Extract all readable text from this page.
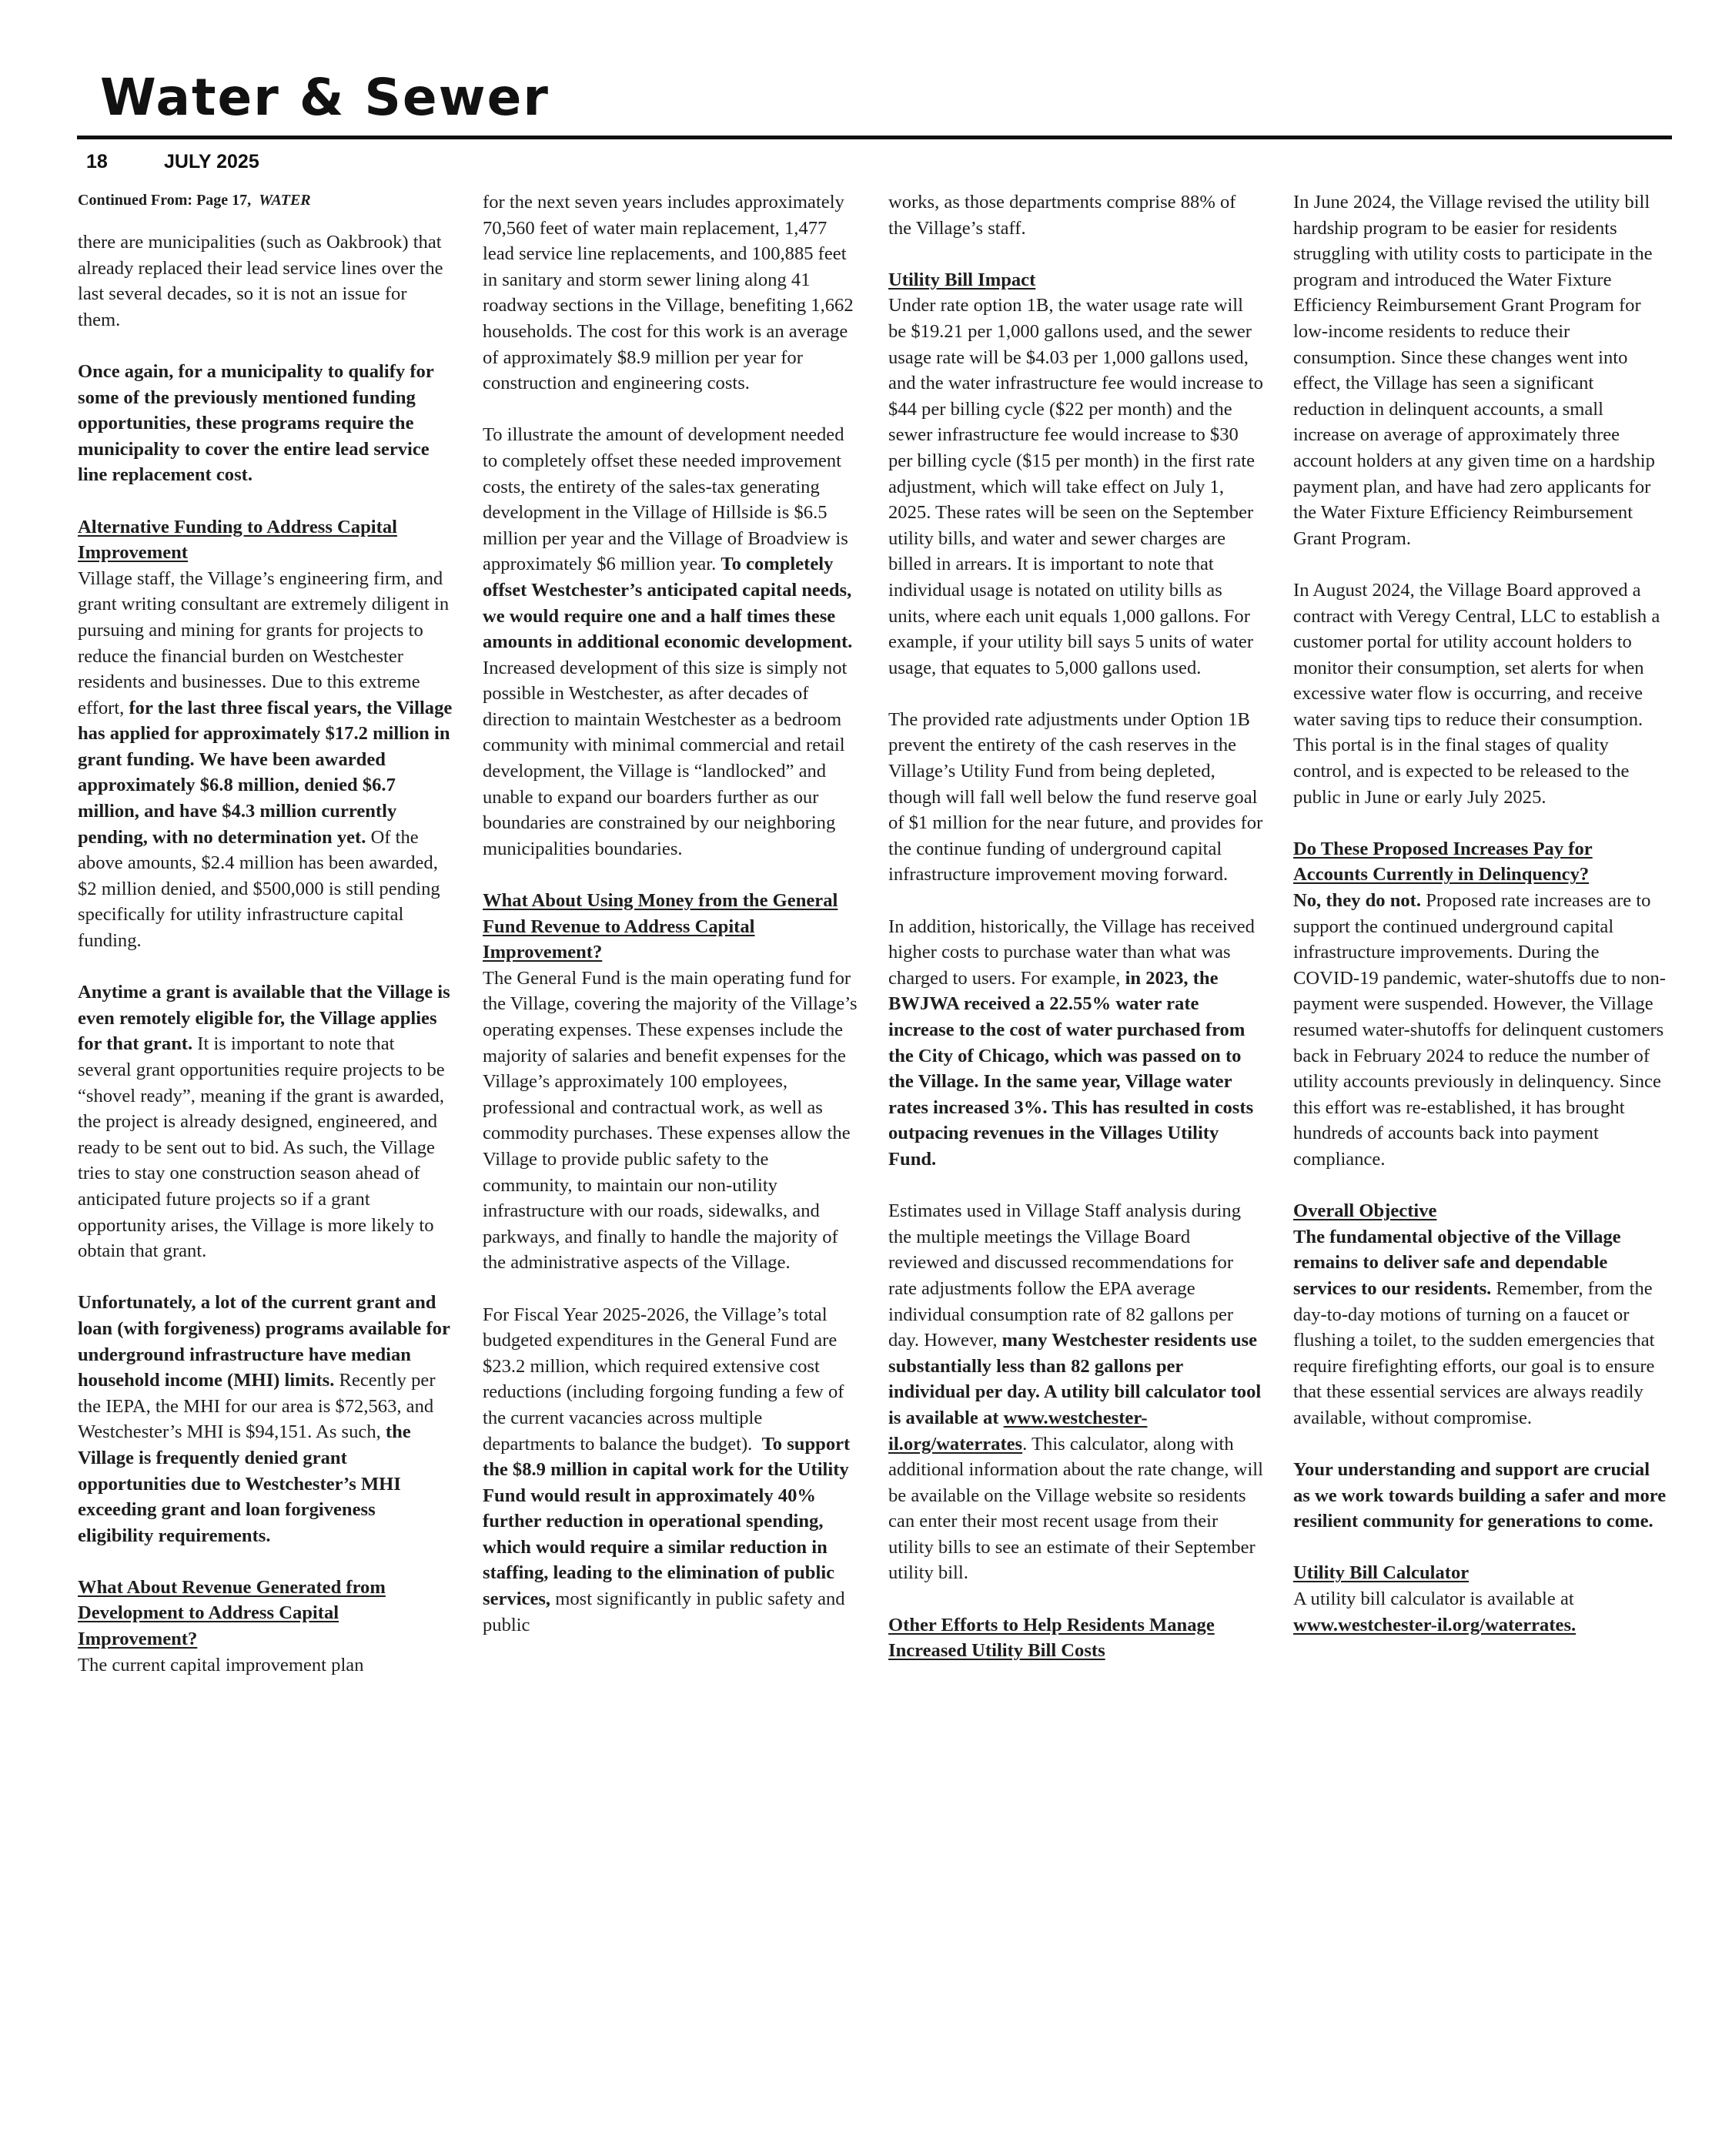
Water & Sewer
18	JULY 2025

Continued From: Page 17, WATER

there are municipalities (such as Oakbrook) that already replaced their lead service lines over the last several decades, so it is not an issue for them.

Once again, for a municipality to qualify for some of the previously mentioned funding opportunities, these programs require the municipality to cover the entire lead service line replacement cost.

Alternative Funding to Address Capital Improvement
Village staff, the Village’s engineering firm, and grant writing consultant are extremely diligent in pursuing and mining for grants for projects to reduce the financial burden on Westchester residents and businesses. Due to this extreme effort, for the last three fiscal years, the Village has applied for approximately $17.2 million in grant funding. We have been awarded approximately $6.8 million, denied $6.7 million, and have $4.3 million currently pending, with no determination yet. Of the above amounts, $2.4 million has been awarded, $2 million denied, and $500,000 is still pending specifically for utility infrastructure capital funding.

Anytime a grant is available that the Village is even remotely eligible for, the Village applies for that grant. It is important to note that several grant opportunities require projects to be “shovel ready”, meaning if the grant is awarded, the project is already designed, engineered, and ready to be sent out to bid. As such, the Village tries to stay one construction season ahead of anticipated future projects so if a grant opportunity arises, the Village is more likely to obtain that grant.

Unfortunately, a lot of the current grant and loan (with forgiveness) programs available for underground infrastructure have median household income (MHI) limits. Recently per the IEPA, the MHI for our area is $72,563, and Westchester’s MHI is $94,151. As such, the Village is frequently denied grant opportunities due to Westchester’s MHI exceeding grant and loan forgiveness eligibility requirements.

What About Revenue Generated from Development to Address Capital Improvement?
The current capital improvement plan

for the next seven years includes approximately 70,560 feet of water main replacement, 1,477 lead service line replacements, and 100,885 feet in sanitary and storm sewer lining along 41 roadway sections in the Village, benefiting 1,662 households. The cost for this work is an average of approximately $8.9 million per year for construction and engineering costs.

To illustrate the amount of development needed to completely offset these needed improvement costs, the entirety of the sales-tax generating development in the Village of Hillside is $6.5 million per year and the Village of Broadview is approximately $6 million year. To completely offset Westchester’s anticipated capital needs, we would require one and a half times these amounts in additional economic development. Increased development of this size is simply not possible in Westchester, as after decades of direction to maintain Westchester as a bedroom community with minimal commercial and retail development, the Village is “landlocked” and unable to expand our boarders further as our boundaries are constrained by our neighboring municipalities boundaries.

What About Using Money from the General Fund Revenue to Address Capital Improvement?
The General Fund is the main operating fund for the Village, covering the majority of the Village’s operating expenses. These expenses include the majority of salaries and benefit expenses for the Village’s approximately 100 employees, professional and contractual work, as well as commodity purchases. These expenses allow the Village to provide public safety to the community, to maintain our non-utility infrastructure with our roads, sidewalks, and parkways, and finally to handle the majority of the administrative aspects of the Village.

For Fiscal Year 2025-2026, the Village’s total budgeted expenditures in the General Fund are $23.2 million, which required extensive cost reductions (including forgoing funding a few of the current vacancies across multiple departments to balance the budget). To support the $8.9 million in capital work for the Utility Fund would result in approximately 40% further reduction in operational spending, which would require a similar reduction in staffing, leading to the elimination of public services, most significantly in public safety and public

works, as those departments comprise 88% of the Village’s staff.

Utility Bill Impact
Under rate option 1B, the water usage rate will be $19.21 per 1,000 gallons used, and the sewer usage rate will be $4.03 per 1,000 gallons used, and the water infrastructure fee would increase to $44 per billing cycle ($22 per month) and the sewer infrastructure fee would increase to $30 per billing cycle ($15 per month) in the first rate adjustment, which will take effect on July 1, 2025. These rates will be seen on the September utility bills, and water and sewer charges are billed in arrears. It is important to note that individual usage is notated on utility bills as units, where each unit equals 1,000 gallons. For example, if your utility bill says 5 units of water usage, that equates to 5,000 gallons used.

The provided rate adjustments under Option 1B prevent the entirety of the cash reserves in the Village’s Utility Fund from being depleted, though will fall well below the fund reserve goal of $1 million for the near future, and provides for the continue funding of underground capital infrastructure improvement moving forward.

In addition, historically, the Village has received higher costs to purchase water than what was charged to users. For example, in 2023, the BWJWA received a 22.55% water rate increase to the cost of water purchased from the City of Chicago, which was passed on to the Village. In the same year, Village water rates increased 3%. This has resulted in costs outpacing revenues in the Villages Utility Fund.

Estimates used in Village Staff analysis during the multiple meetings the Village Board reviewed and discussed recommendations for rate adjustments follow the EPA average individual consumption rate of 82 gallons per day. However, many Westchester residents use substantially less than 82 gallons per individual per day. A utility bill calculator tool is available at www.westchester-il.org/waterrates. This calculator, along with additional information about the rate change, will be available on the Village website so residents can enter their most recent usage from their utility bills to see an estimate of their September utility bill.

Other Efforts to Help Residents Manage Increased Utility Bill Costs

In June 2024, the Village revised the utility bill hardship program to be easier for residents struggling with utility costs to participate in the program and introduced the Water Fixture Efficiency Reimbursement Grant Program for low-income residents to reduce their consumption. Since these changes went into effect, the Village has seen a significant reduction in delinquent accounts, a small increase on average of approximately three account holders at any given time on a hardship payment plan, and have had zero applicants for the Water Fixture Efficiency Reimbursement Grant Program.

In August 2024, the Village Board approved a contract with Veregy Central, LLC to establish a customer portal for utility account holders to monitor their consumption, set alerts for when excessive water flow is occurring, and receive water saving tips to reduce their consumption. This portal is in the final stages of quality control, and is expected to be released to the public in June or early July 2025.

Do These Proposed Increases Pay for Accounts Currently in Delinquency?
No, they do not. Proposed rate increases are to support the continued underground capital infrastructure improvements. During the COVID-19 pandemic, water-shutoffs due to non-payment were suspended. However, the Village resumed water-shutoffs for delinquent customers back in February 2024 to reduce the number of utility accounts previously in delinquency. Since this effort was re-established, it has brought hundreds of accounts back into payment compliance.

Overall Objective
The fundamental objective of the Village remains to deliver safe and dependable services to our residents. Remember, from the day-to-day motions of turning on a faucet or flushing a toilet, to the sudden emergencies that require firefighting efforts, our goal is to ensure that these essential services are always readily available, without compromise.

Your understanding and support are crucial as we work towards building a safer and more resilient community for generations to come.

Utility Bill Calculator
A utility bill calculator is available at www.westchester-il.org/waterrates.
